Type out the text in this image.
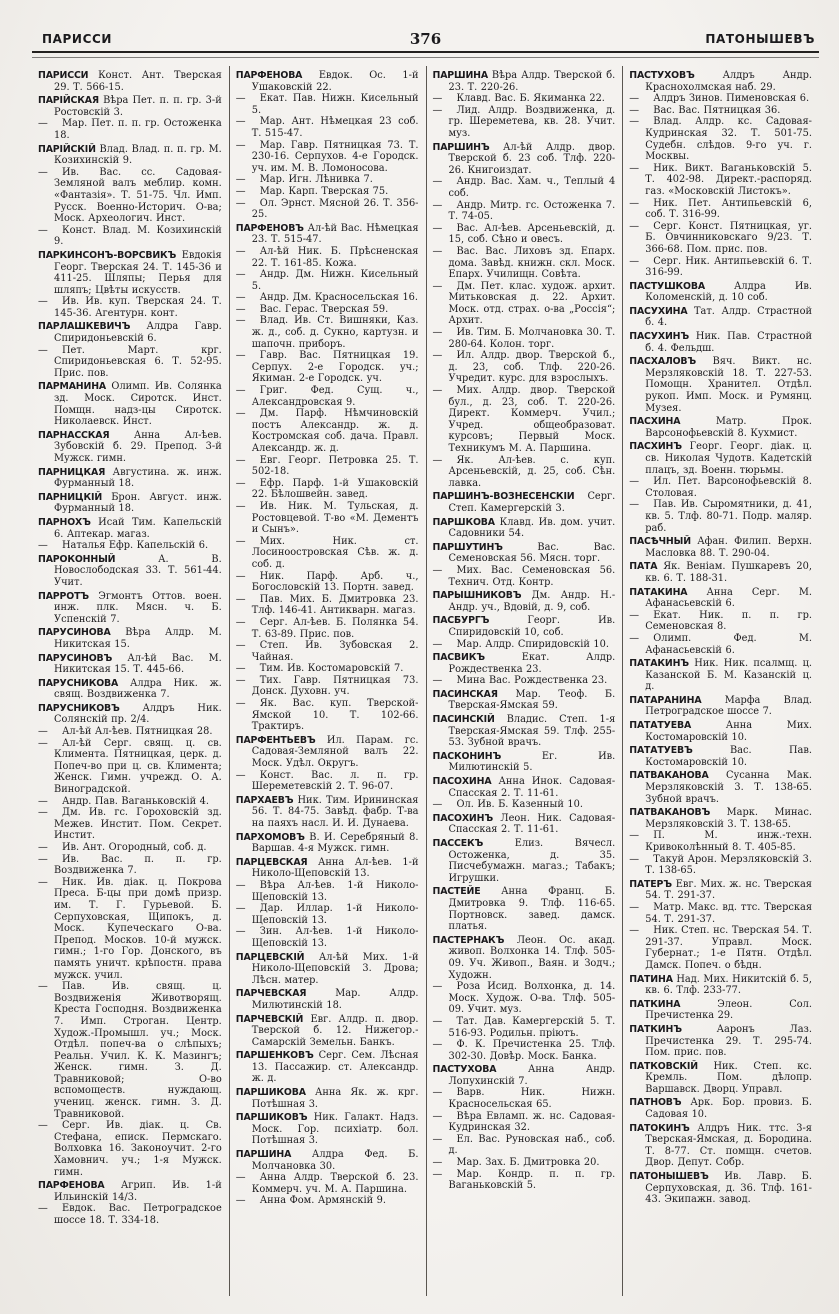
ПАРИССИ	376	ПАТОНЫШЕВЪ

ПАРИССИ Конст. Ант. Тверская 29. Т. 566-15.

ПАРІЙСКАЯ Вѣра Пет. п. п. гр. 3-й Ростовскій 3.

— Мар. Пет. п. п. гр. Остоженка 18.

ПАРІЙСКІЙ Влад. Влад. п. п. гр. М. Козихинскій 9.

— Ив. Вас. сс. Садовая-Земляной валъ меблир. комн. «Фантазія». Т. 51-75. Чл. Имп. Русск. Военно-Историч. О-ва; Моск. Археологич. Инст.

— Конст. Влад. М. Козихинскій 9.

ПАРКИНСОНЪ-ВОРСВИКЪ Евдокія Георг. Тверская 24. Т. 145-36 и 411-25. Шляпы; Перья для шляпъ; Цвѣты искусств.

— Ив. Ив. куп. Тверская 24. Т. 145-36. Агентурн. конт.

ПАРЛАШКЕВИЧЪ Алдра Гавр. Спиридоньевскій 6.

— Пет. Март. крг. Спиридоньевская 6. Т. 52-95. Прис. пов.

ПАРМАНИНА Олимп. Ив. Солянка зд. Моск. Сиротск. Инст. Помщн. надз-цы Сиротск. Николаевск. Инст.

ПАРНАССКАЯ Анна Ал-ѣев. Зубовскій б. 29. Препод. 3-й Мужск. гимн.

ПАРНИЦКАЯ Августина. ж. инж. Фурманный 18.

ПАРНИЦКІЙ Брон. Август. инж. Фурманный 18.

ПАРНОХЪ Исай Тим. Капельскій 6. Аптекар. магаз.

— Наталья Ефр. Капельскій 6.

ПАРОКОННЫЙ А. В. Новослободская 33. Т. 561-44. Учит.

ПАРРОТЪ Эгмонтъ Оттов. воен. инж. плк. Мясн. ч. Б. Успенскій 7.

ПАРУСИНОВА Вѣра Алдр. М. Никитская 15.

ПАРУСИНОВЪ Ал-ѣй Вас. М. Никитская 15. Т. 445-66.

ПАРУСНИКОВА Алдра Ник. ж. свящ. Воздвиженка 7.

ПАРУСНИКОВЪ Алдръ Ник. Солянскій пр. 2/4.

— Ал-ѣй Ал-ѣев. Пятницкая 28.

— Ал-ѣй Серг. свящ. ц. св. Климента. Пятницкая, церк. д. Попеч-во при ц. св. Климента; Женск. Гимн. учрежд. О. А. Виноградской.

— Андр. Пав. Ваганьковскій 4.

— Дм. Ив. гс. Гороховскій зд. Межев. Инстит. Пом. Секрет. Инстит.

— Ив. Ант. Огородный, соб. д.

— Ив. Вас. п. п. гр. Воздвиженка 7.

— Ник. Ив. діак. ц. Покрова Преса. Б-цы при домѣ призр. им. Т. Г. Гурьевой. Б. Серпуховская, Щипокъ, д. Моск. Купеческаго О-ва. Препод. Москов. 10-й мужск. гимн.; 1-го Гор. Донского, въ память уничт. крѣпостн. права мужск. учил.

— Пав. Ив. свящ. ц. Воздвиженія Животворящ. Креста Господня. Воздвиженка 7. Имп. Строган. Центр. Худож.-Промышл. уч.; Моск. Отдѣл. попеч-ва о слѣпыхъ; Реальн. Учил. К. К. Мазингъ; Женск. гимн. З. Д. Травниковой; О-во вспомоществ. нуждающ. учениц. женск. гимн. З. Д. Травниковой.

— Серг. Ив. діак. ц. Св. Стефана, еписк. Пермскаго. Волховка 16. Законоучит. 2-го Хамовнич. уч.; 1-я Мужск. гимн.

ПАРФЕНОВА Агрип. Ив. 1-й Ильинскій 14/3.

— Евдок. Вас. Петроградское шоссе 18. Т. 334-18.

ПАРФЕНОВА Евдок. Ос. 1-й Ушаковскій 22.

— Екат. Пав. Нижн. Кисельный 5.

— Мар. Ант. Нѣмецкая 23 соб. Т. 515-47.

— Мар. Гавр. Пятницкая 73. Т. 230-16. Серпухов. 4-е Городск. уч. им. М. В. Ломоносова.

— Мар. Игн. Лѣнивка 7.

— Мар. Карп. Тверская 75.

— Ол. Эрнст. Мясной 26. Т. 356-25.

ПАРФЕНОВЪ Ал-ѣй Вас. Нѣмецкая 23. Т. 515-47.

— Ал-ѣй Ник. Б. Прѣсненская 22. Т. 161-85. Кожа.

— Андр. Дм. Нижн. Кисельный 5.

— Андр. Дм. Красносельская 16.

— Вас. Герас. Тверская 59.

— Влад. Ив. Ст. Вишняки, Каз. ж. д., соб. д. Сукно, картузн. и шапочн. приборъ.

— Гавр. Вас. Пятницкая 19. Серпух. 2-е Городск. уч.; Якиман. 2-е Городск. уч.

— Григ. Фед. Сущ. ч., Александровская 9.

— Дм. Парф. Нѣмчиновскій постъ Александр. ж. д. Костромская соб. дача. Правл. Александр. ж. д.

— Евг. Георг. Петровка 25. Т. 502-18.

— Ефр. Парф. 1-й Ушаковскій 22. Бѣлошвейн. завед.

— Ив. Ник. М. Тульская, д. Ростовцевой. Т-во «М. Дементъ и Сынъ».

— Мих. Ник. ст. Лосиноостровская Сѣв. ж. д. соб. д.

— Ник. Парф. Арб. ч., Богословскій 13. Портн. завед.

— Пав. Мих. Б. Дмитровка 23. Тлф. 146-41. Антикварн. магаз.

— Серг. Ал-ѣев. Б. Полянка 54. Т. 63-89. Прис. пов.

— Степ. Ив. Зубовская 2. Чайная.

— Тим. Ив. Костомаровскій 7.

— Тих. Гавр. Пятницкая 73. Донск. Духовн. уч.

— Як. Вас. куп. Тверской-Ямской 10. Т. 102-66. Трактиръ.

ПАРФЕНТЬЕВЪ Ил. Парам. гс. Садовая-Земляной валъ 22. Моск. Удѣл. Округъ.

— Конст. Вас. л. п. гр. Шереметевскій 2. Т. 96-07.

ПАРХАЕВЪ Ник. Тим. Ирининская 56. Т. 84-75. Завѣд. фабр. Т-ва на паяхъ насл. И. И. Дунаева.

ПАРХОМОВЪ В. И. Серебряный 8. Варшав. 4-я Мужск. гимн.

ПАРЦЕВСКАЯ Анна Ал-ѣев. 1-й Николо-Щеповскій 13.

— Вѣра Ал-ѣев. 1-й Николо-Щеповскій 13.

— Дар. Иллар. 1-й Николо-Щеповскій 13.

— Зин. Ал-ѣев. 1-й Николо-Щеповскій 13.

ПАРЦЕВСКІЙ Ал-ѣй Мих. 1-й Николо-Щеповскій 3. Дрова; Лѣсн. матер.

ПАРЧЕВСКАЯ Мар. Алдр. Милютинскій 18.

ПАРЧЕВСКІЙ Евг. Алдр. п. двор. Тверской б. 12. Нижегор.-Самарскій Земельн. Банкъ.

ПАРШЕНКОВЪ Серг. Сем. Лѣсная 13. Пассажир. ст. Александр. ж. д.

ПАРШИКОВА Анна Як. ж. крг. Потѣшная 3.

ПАРШИКОВЪ Ник. Галакт. Надз. Моск. Гор. психіатр. бол. Потѣшная 3.

ПАРШИНА Алдра Фед. Б. Молчановка 30.

— Анна Алдр. Тверской б. 23. Коммерч. уч. М. А. Паршина.

— Анна Фом. Армянскій 9.

ПАРШИНА Вѣра Алдр. Тверской б. 23. Т. 220-26.

— Клавд. Вас. Б. Якиманка 22.

— Лид. Алдр. Воздвиженка, д. гр. Шереметева, кв. 28. Учит. муз.

ПАРШИНЪ Ал-ѣй Алдр. двор. Тверской б. 23 соб. Тлф. 220-26. Книгоиздат.

— Андр. Вас. Хам. ч., Теплый 4 соб.

— Андр. Митр. гс. Остоженка 7. Т. 74-05.

— Вас. Ал-ѣев. Арсеньевскій, д. 15, соб. Сѣно и овесъ.

— Вас. Вас. Лиховъ зд. Епарх. дома. Завѣд. книжн. скл. Моск. Епарх. Училищн. Совѣта.

— Дм. Пет. клас. худож. архит. Митьковская д. 22. Архит. Моск. отд. страх. о-ва „Россія“; Архит.

— Ив. Тим. Б. Молчановка 30. Т. 280-64. Колон. торг.

— Ил. Алдр. двор. Тверской б., д. 23, соб. Тлф. 220-26. Учредит. курс. для взрослыхъ.

— Мих. Алдр. двор. Тверской бул., д. 23, соб. Т. 220-26. Директ. Коммерч. Учил.; Учред. общеобразоват. курсовъ; Первый Моск. Техникумъ М. А. Паршина.

— Як. Ал-ѣев. с. куп. Арсеньевскій, д. 25, соб. Сѣн. лавка.

ПАРШИНЪ-ВОЗНЕСЕНСКІИ Серг. Степ. Камергерскій 3.

ПАРШКОВА Клавд. Ив. дом. учит. Садовники 54.

ПАРШУТИНЪ Вас. Вас. Семеновская 56. Мясн. торг.

— Мих. Вас. Семеновская 56. Технич. Отд. Контр.

ПАРЫШНИКОВЪ Дм. Андр. Н.-Андр. уч., Вдовій, д. 9, соб.

ПАСБУРГЪ Георг. Ив. Спиридовскій 10, соб.

— Мар. Алдр. Спиридовскій 10.

ПАСВИКЪ Екат. Алдр. Рождественка 23.

— Мина Вас. Рождественка 23.

ПАСИНСКАЯ Мар. Теоф. Б. Тверская-Ямская 59.

ПАСИНСКІЙ Владис. Степ. 1-я Тверская-Ямская 59. Тлф. 255-53. Зубной врачъ.

ПАСКОНИНЪ Ег. Ив. Милютинскій 5.

ПАСОХИНА Анна Инок. Садовая-Спасская 2. Т. 11-61.

— Ол. Ив. Б. Казенный 10.

ПАСОХИНЪ Леон. Ник. Садовая-Спасская 2. Т. 11-61.

ПАССЕКЪ Елиз. Вячесл. Остоженка, д. 35. Писчебумажн. магаз.; Табакъ; Игрушки.

ПАСТЕЙЕ Анна Франц. Б. Дмитровка 9. Тлф. 116-65. Портновск. завед. дамск. платья.

ПАСТЕРНАКЪ Леон. Ос. акад. живоп. Волхонка 14. Тлф. 505-09. Уч. Живоп., Ваян. и Зодч.; Художн.

— Роза Исид. Волхонка, д. 14. Моск. Худож. О-ва. Тлф. 505-09. Учит. муз.

— Тат. Дав. Камергерскій 5. Т. 516-93. Родильн. пріютъ.

— Ф. К. Пречистенка 25. Тлф. 302-30. Довѣр. Моск. Банка.

ПАСТУХОВА Анна Андр. Лопухинскій 7.

— Варв. Ник. Нижн. Красносельская 65.

— Вѣра Евламп. ж. нс. Садовая-Кудринская 32.

— Ел. Вас. Руновская наб., соб. д.

— Мар. Зах. Б. Дмитровка 20.

— Мар. Кондр. п. п. гр. Ваганьковскій 5.

ПАСТУХОВЪ Алдръ Андр. Краснохолмская наб. 29.

— Алдръ Зинов. Пименовская 6.

— Вас. Вас. Пятницкая 36.

— Влад. Алдр. кс. Садовая-Кудринская 32. Т. 501-75. Судебн. слѣдов. 9-го уч. г. Москвы.

— Ник. Викт. Ваганьковскій 5. Т. 402-98. Директ.-распоряд. газ. «Московскій Листокъ».

— Ник. Пет. Антипьевскій 6, соб. Т. 316-99.

— Серг. Конст. Пятницкая, уг. Б. Овчинниковскаго 9/23. Т. 366-68. Пом. прис. пов.

— Серг. Ник. Антипьевскій 6. Т. 316-99.

ПАСТУШКОВА Алдра Ив. Коломенскій, д. 10 соб.

ПАСУХИНА Тат. Алдр. Страстной б. 4.

ПАСУХИНЪ Ник. Пав. Страстной б. 4. Фельдш.

ПАСХАЛОВЪ Вяч. Викт. нс. Мерзляковскій 18. Т. 227-53. Помощн. Хранител. Отдѣл. рукоп. Имп. Моск. и Румянц. Музея.

ПАСХИНА Матр. Прок. Варсонофьевскій 8. Кухмист.

ПАСХИНЪ Георг. Георг. діак. ц. св. Николая Чудотв. Кадетскій плацъ, зд. Военн. тюрьмы.

— Ил. Пет. Варсонофьевскій 8. Столовая.

— Пав. Ив. Сыромятники, д. 41, кв. 5. Тлф. 80-71. Подр. маляр. раб.

ПАСѢЧНЫЙ Афан. Филип. Верхн. Масловка 88. Т. 290-04.

ПАТА Як. Веніам. Пушкаревъ 20, кв. 6. Т. 188-31.

ПАТАКИНА Анна Серг. М. Афанасьевскій 6.

— Екат. Ник. п. п. гр. Семеновская 8.

— Олимп. Фед. М. Афанасьевскій 6.

ПАТАКИНЪ Ник. Ник. псалмщ. ц. Казанской Б. М. Казанскій ц. д.

ПАТАРАНИНА Марфа Влад. Петроградское шоссе 7.

ПАТАТУЕВА Анна Мих. Костомаровскій 10.

ПАТАТУЕВЪ Вас. Пав. Костомаровскій 10.

ПАТВАКАНОВА Сусанна Мак. Мерзляковскій 3. Т. 138-65. Зубной врачъ.

ПАТВАКАНОВЪ Марк. Минас. Мерзляковскій 3. Т. 138-65.

— П. М. инж.-техн. Кривоколѣнный 8. Т. 405-85.

— Такуй Арон. Мерзляковскій 3. Т. 138-65.

ПАТЕРЪ Евг. Мих. ж. нс. Тверская 54. Т. 291-37.

— Матр. Макс. вд. ттс. Тверская 54. Т. 291-37.

— Ник. Степ. нс. Тверская 54. Т. 291-37. Управл. Моск. Губернат.; 1-е Пятн. Отдѣл. Дамск. Попеч. о бѣдн.

ПАТИНА Над. Мих. Никитскій б. 5, кв. 6. Тлф. 233-77.

ПАТКИНА Элеон. Сол. Пречистенка 29.

ПАТКИНЪ Ааронъ Лаз. Пречистенка 29. Т. 295-74. Пом. прис. пов.

ПАТКОВСКІЙ Ник. Степ. кс. Кремль. Пом. дѣлопр. Варшавск. Дворц. Управл.

ПАТНОВЪ Арк. Бор. провиз. Б. Садовая 10.

ПАТОКИНЪ Алдръ Ник. ттс. 3-я Тверская-Ямская, д. Бородина. Т. 8-77. Ст. помщн. счетов. Двор. Депут. Собр.

ПАТОНЫШЕВЪ Ив. Лавр. Б. Серпуховская, д. 36. Тлф. 161-43. Экипажн. завод.
